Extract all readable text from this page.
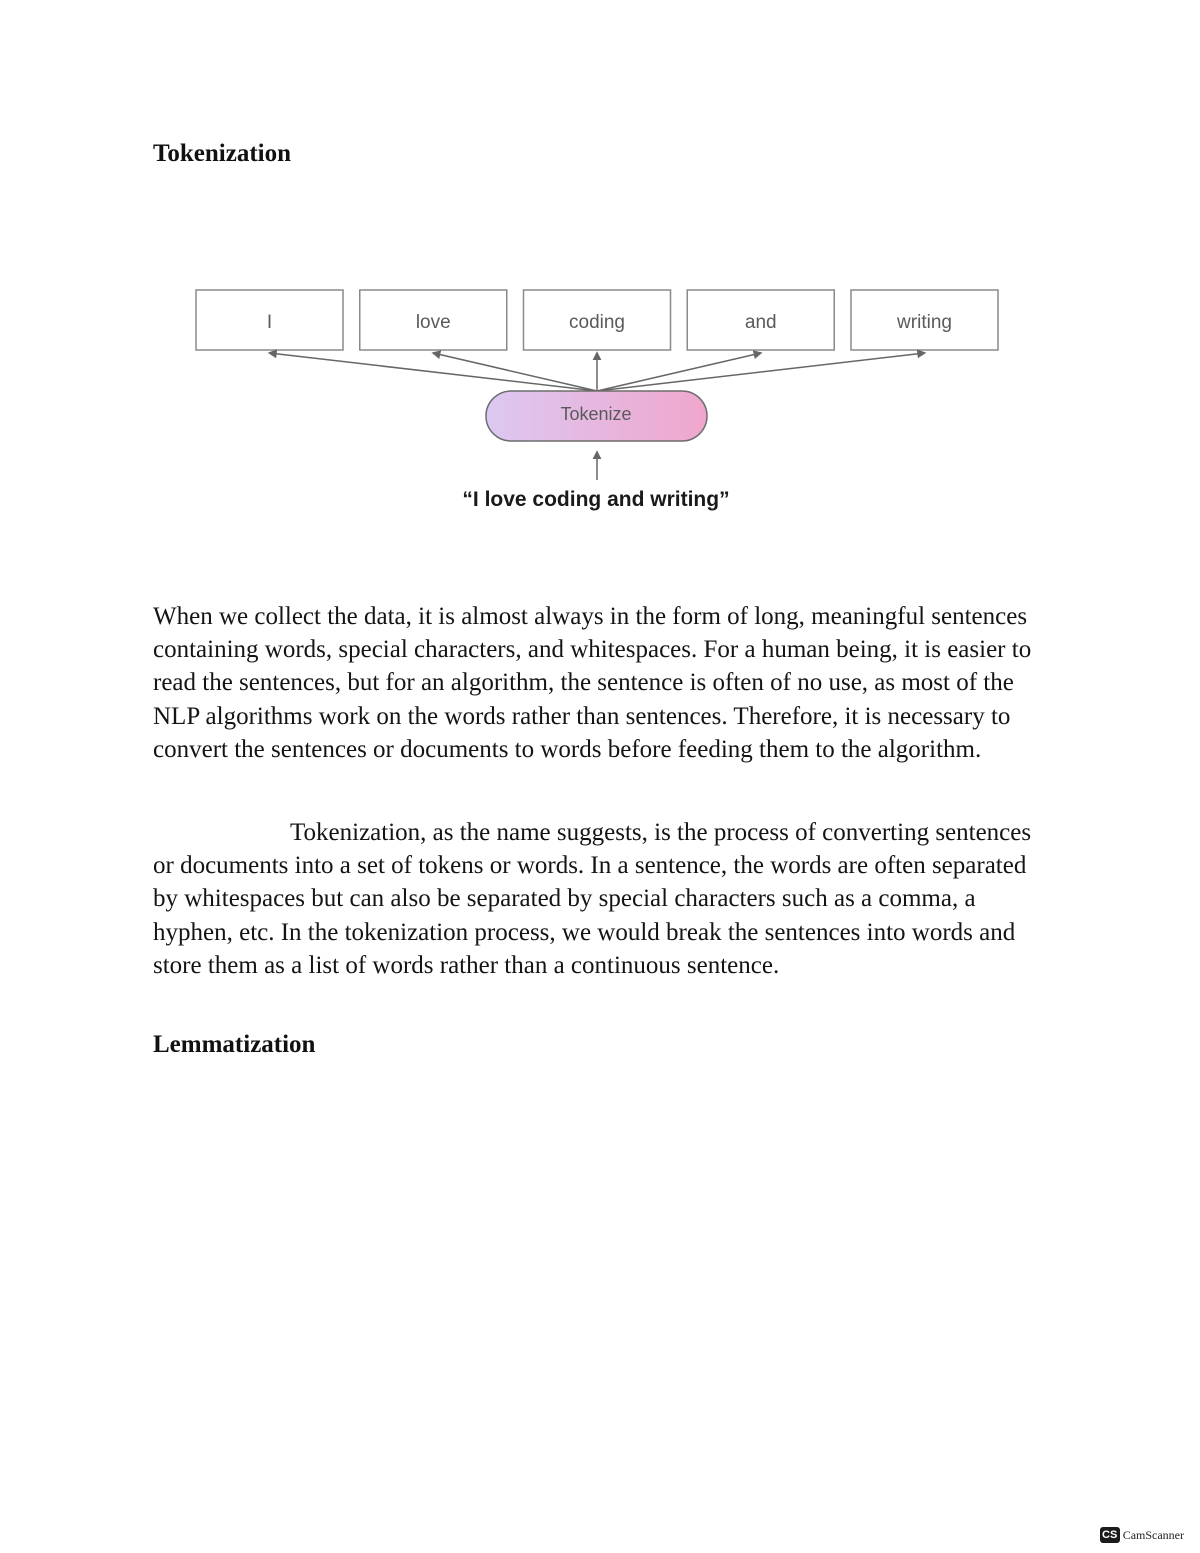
Tokenization
I	love	coding	and	writing
Tokenize
“I love coding and writing”

When we collect the data, it is almost always in the form of long, meaningful sentences containing words, special characters, and whitespaces. For a human being, it is easier to read the sentences, but for an algorithm, the sentence is often of no use, as most of the NLP algorithms work on the words rather than sentences. Therefore, it is necessary to convert the sentences or documents to words before feeding them to the algorithm.

Tokenization, as the name suggests, is the process of converting sentences or documents into a set of tokens or words. In a sentence, the words are often separated by whitespaces but can also be separated by special characters such as a comma, a hyphen, etc. In the tokenization process, we would break the sentences into words and store them as a list of words rather than a continuous sentence.

Lemmatization
CS CamScanner
